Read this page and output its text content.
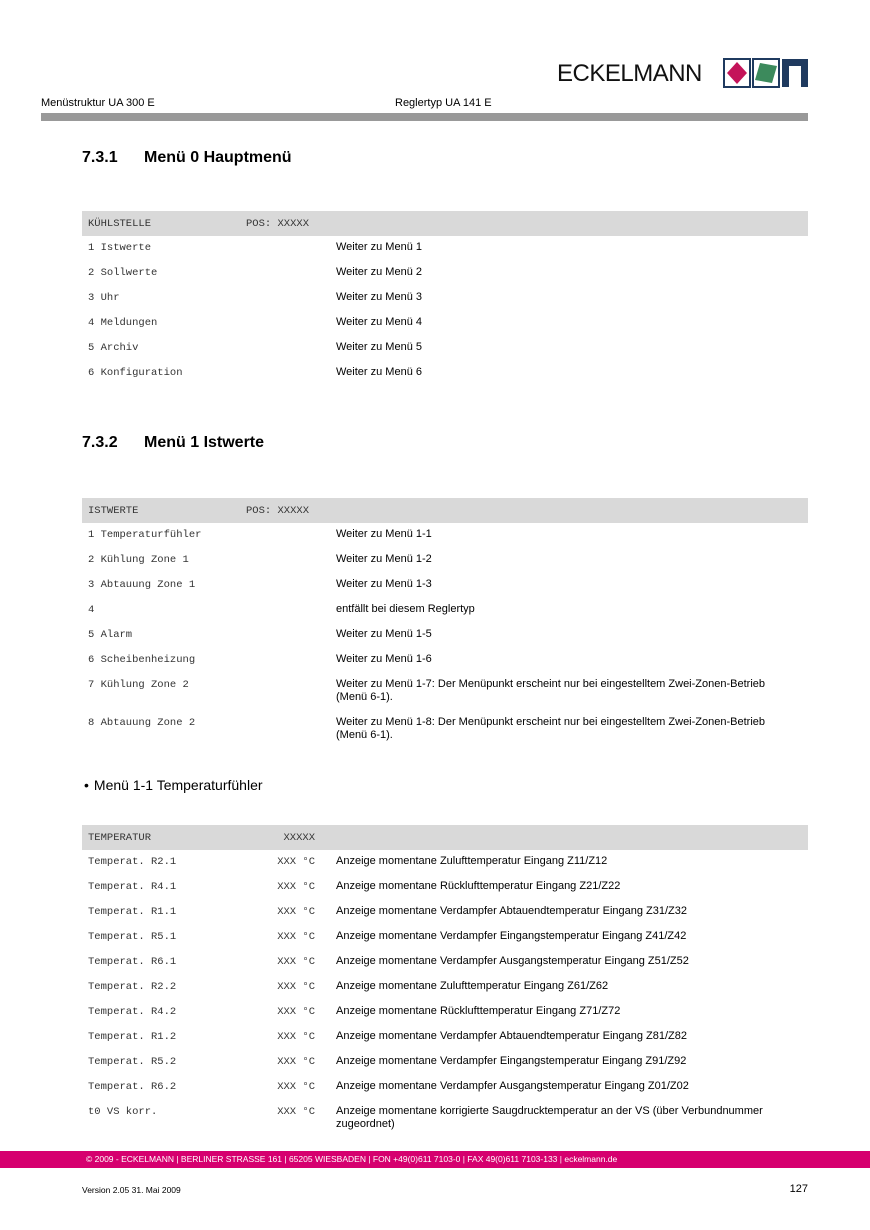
ECKELMANN
Menüstruktur UA 300 E	Reglertyp UA 141 E
7.3.1 Menü 0 Hauptmenü
KÜHLSTELLE	POS: XXXXX
1 Istwerte	Weiter zu Menü 1
2 Sollwerte	Weiter zu Menü 2
3 Uhr	Weiter zu Menü 3
4 Meldungen	Weiter zu Menü 4
5 Archiv	Weiter zu Menü 5
6 Konfiguration	Weiter zu Menü 6
7.3.2 Menü 1 Istwerte
ISTWERTE	POS: XXXXX
1 Temperaturfühler	Weiter zu Menü 1-1
2 Kühlung Zone 1	Weiter zu Menü 1-2
3 Abtauung Zone 1	Weiter zu Menü 1-3
4	entfällt bei diesem Reglertyp
5 Alarm	Weiter zu Menü 1-5
6 Scheibenheizung	Weiter zu Menü 1-6
7 Kühlung Zone 2	Weiter zu Menü 1-7: Der Menüpunkt erscheint nur bei eingestelltem Zwei-Zonen-Betrieb (Menü 6-1).
8 Abtauung Zone 2	Weiter zu Menü 1-8: Der Menüpunkt erscheint nur bei eingestelltem Zwei-Zonen-Betrieb (Menü 6-1).
• Menü 1-1 Temperaturfühler
TEMPERATUR	XXXXX
Temperat. R2.1	XXX °C Anzeige momentane Zulufttemperatur Eingang Z11/Z12
Temperat. R4.1	XXX °C Anzeige momentane Rücklufttemperatur Eingang Z21/Z22
Temperat. R1.1	XXX °C Anzeige momentane Verdampfer Abtauendtemperatur Eingang Z31/Z32
Temperat. R5.1	XXX °C Anzeige momentane Verdampfer Eingangstemperatur Eingang Z41/Z42
Temperat. R6.1	XXX °C Anzeige momentane Verdampfer Ausgangstemperatur Eingang Z51/Z52
Temperat. R2.2	XXX °C Anzeige momentane Zulufttemperatur Eingang Z61/Z62
Temperat. R4.2	XXX °C Anzeige momentane Rücklufttemperatur Eingang Z71/Z72
Temperat. R1.2	XXX °C Anzeige momentane Verdampfer Abtauendtemperatur Eingang Z81/Z82
Temperat. R5.2	XXX °C Anzeige momentane Verdampfer Eingangstemperatur Eingang Z91/Z92
Temperat. R6.2	XXX °C Anzeige momentane Verdampfer Ausgangstemperatur Eingang Z01/Z02
t0 VS korr.	XXX °C Anzeige momentane korrigierte Saugdrucktemperatur an der VS (über Verbundnummer zugeordnet)
© 2009 - ECKELMANN | BERLINER STRASSE 161 | 65205 WIESBADEN | FON +49(0)611 7103-0 | FAX 49(0)611 7103-133 | eckelmann.de
Version 2.05 31. Mai 2009	127
